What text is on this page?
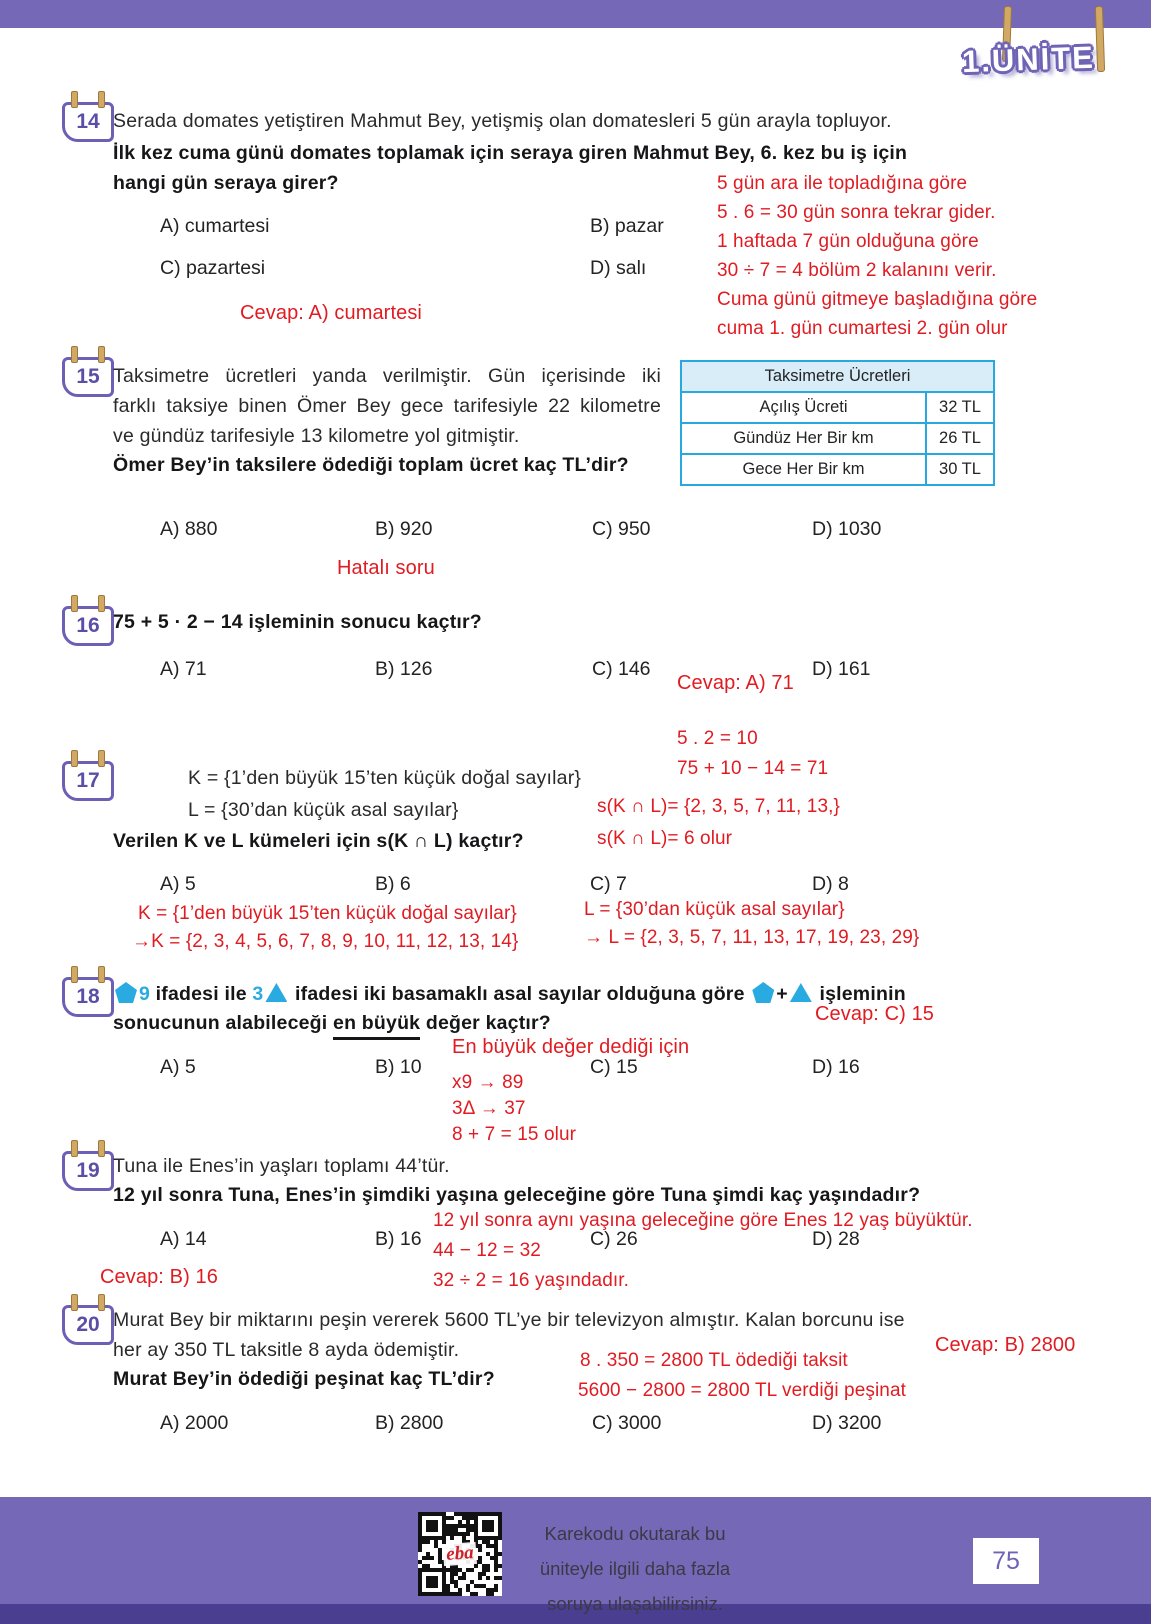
1.ÜNİTE
14 Serada domates yetiştiren Mahmut Bey, yetişmiş olan domatesleri 5 gün arayla topluyor.
İlk kez cuma günü domates toplamak için seraya giren Mahmut Bey, 6. kez bu iş için
hangi gün seraya girer?	5 gün ara ile topladığına göre
5 . 6 = 30 gün sonra tekrar gider.
1 haftada 7 gün olduğuna göre
30 ÷ 7 = 4 bölüm 2 kalanını verir.
Cuma günü gitmeye başladığına göre
cuma 1. gün cumartesi 2. gün olur
A) cumartesi	B) pazar
C) pazartesi	D) salı
Cevap: A) cumartesi
15 Taksimetre ücretleri yanda verilmiştir. Gün içerisinde iki
farklı taksiye binen Ömer Bey gece tarifesiyle 22 kilometre
ve gündüz tarifesiyle 13 kilometre yol gitmiştir.
Ömer Bey’in taksilere ödediği toplam ücret kaç TL’dir?
Taksimetre Ücretleri
Açılış Ücreti	32 TL
Gündüz Her Bir km	26 TL
Gece Her Bir km	30 TL
A) 880	B) 920	C) 950	D) 1030
Hatalı soru
16 75 + 5 · 2 − 14 işleminin sonucu kaçtır?
A) 71	B) 126	C) 146	D) 161
Cevap: A) 71
5 . 2 = 10
75 + 10 − 14 = 71
17	K = {1’den büyük 15’ten küçük doğal sayılar}
L = {30’dan küçük asal sayılar}
Verilen K ve L kümeleri için s(K ∩ L) kaçtır?
s(K ∩ L)= {2, 3, 5, 7, 11, 13,}
s(K ∩ L)= 6 olur
A) 5	B) 6	C) 7	D) 8
K = {1’den büyük 15’ten küçük doğal sayılar}
→K = {2, 3, 4, 5, 6, 7, 8, 9, 10, 11, 12, 13, 14}
L = {30’dan küçük asal sayılar}
→ L = {2, 3, 5, 7, 11, 13, 17, 19, 23, 29}
18	9 ifadesi ile 3 ifadesi iki basamaklı asal sayılar olduğuna göre + işleminin
sonucunun alabileceği en büyük değer kaçtır?	Cevap: C) 15
En büyük değer dediği için
A) 5	B) 10	C) 15	D) 16
x9 → 89
3Δ → 37
8 + 7 = 15 olur
19 Tuna ile Enes’in yaşları toplamı 44’tür.
12 yıl sonra Tuna, Enes’in şimdiki yaşına geleceğine göre Tuna şimdi kaç yaşındadır?
12 yıl sonra aynı yaşına geleceğine göre Enes 12 yaş büyüktür.
A) 14	B) 16	C) 26	D) 28
44 − 12 = 32
Cevap: B) 16	32 ÷ 2 = 16 yaşındadır.
20 Murat Bey bir miktarını peşin vererek 5600 TL’ye bir televizyon almıştır. Kalan borcunu ise
her ay 350 TL taksitle 8 ayda ödemiştir.
Murat Bey’in ödediği peşinat kaç TL’dir?
Cevap: B) 2800
8 . 350 = 2800 TL ödediği taksit
5600 − 2800 = 2800 TL verdiği peşinat
A) 2000	B) 2800	C) 3000	D) 3200
eba
Karekodu okutarak bu
üniteyle ilgili daha fazla
soruya ulaşabilirsiniz.
75
